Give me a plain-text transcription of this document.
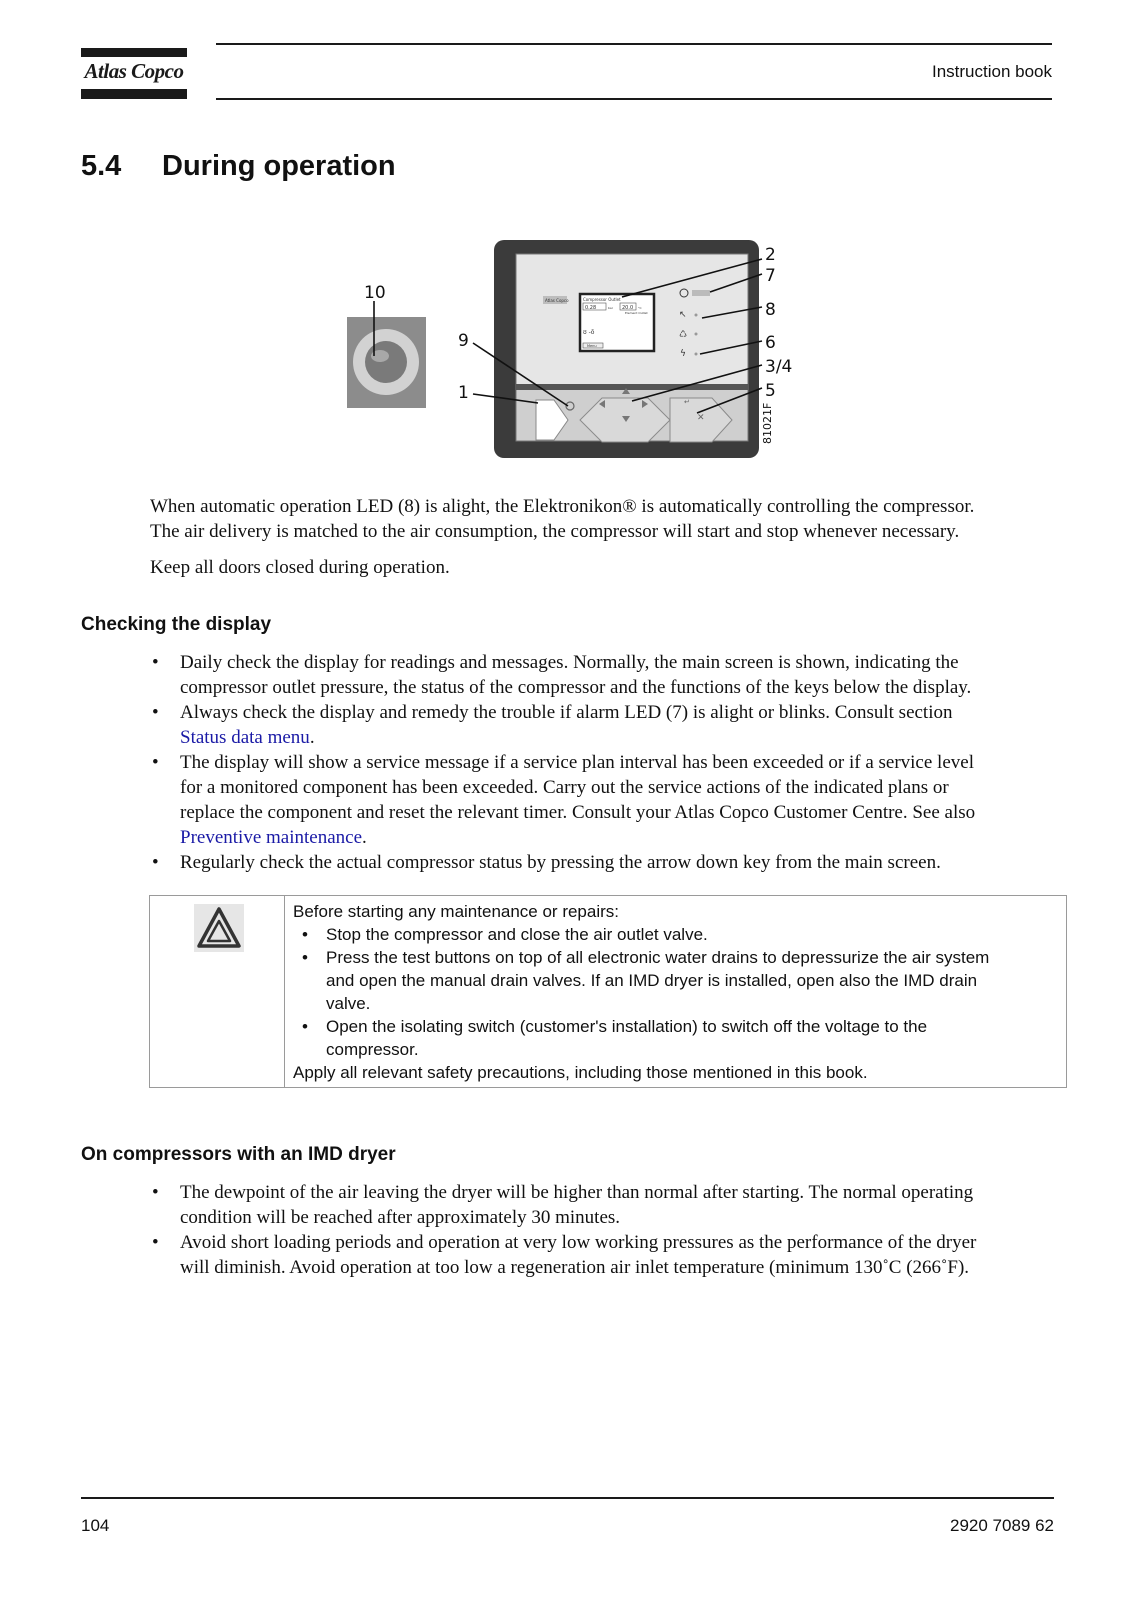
Atlas Copco	Instruction book
5.4 During operation
↵
✕
Compressor Outlet
0.28	bar 20.0 °C
Element Outlet
ʊ -ŏ
Menu
Atlas Copco
↖
♺
ϟ
10
9
1
2
7
8
6
3/4
5
81021F
When automatic operation LED (8) is alight, the Elektronikon® is automatically controlling the compressor.
The air delivery is matched to the air consumption, the compressor will start and stop whenever necessary.
Keep all doors closed during operation.
Checking the display
• Daily check the display for readings and messages. Normally, the main screen is shown, indicating the
compressor outlet pressure, the status of the compressor and the functions of the keys below the display.
• Always check the display and remedy the trouble if alarm LED (7) is alight or blinks. Consult section
Status data menu.
• The display will show a service message if a service plan interval has been exceeded or if a service level
for a monitored component has been exceeded. Carry out the service actions of the indicated plans or
replace the component and reset the relevant timer. Consult your Atlas Copco Customer Centre. See also
Preventive maintenance.
• Regularly check the actual compressor status by pressing the arrow down key from the main screen.
Before starting any maintenance or repairs:
• Stop the compressor and close the air outlet valve.
• Press the test buttons on top of all electronic water drains to depressurize the air system
and open the manual drain valves. If an IMD dryer is installed, open also the IMD drain
valve.
• Open the isolating switch (customer's installation) to switch off the voltage to the
compressor.
Apply all relevant safety precautions, including those mentioned in this book.
On compressors with an IMD dryer
• The dewpoint of the air leaving the dryer will be higher than normal after starting. The normal operating
condition will be reached after approximately 30 minutes.
• Avoid short loading periods and operation at very low working pressures as the performance of the dryer
will diminish. Avoid operation at too low a regeneration air inlet temperature (minimum 130˚C (266˚F).
104	2920 7089 62
